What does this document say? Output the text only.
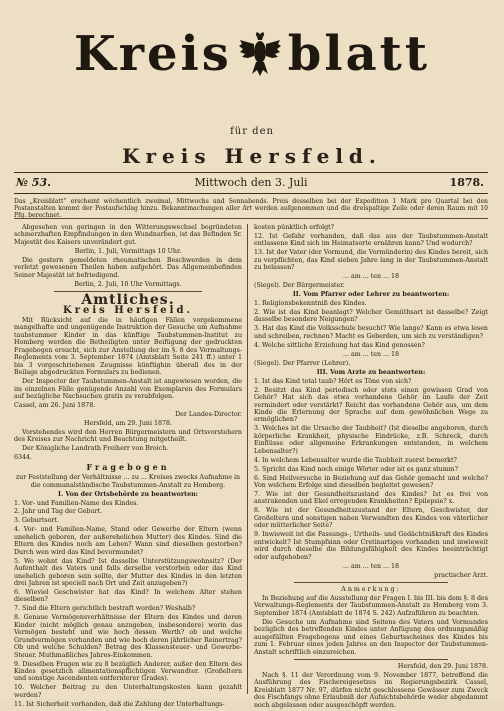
Kreis blatt
für den
Kreis Hersfeld.
№ 53.	Mittwoch den 3. Juli	1878.
Das „Kreisblatt“ erscheint wöchentlich zweimal, Mittwochs und Sonnabends. Preis desselben bei der Expedition 1 Mark pro Quartal bei den Postanstalten kommt der Postaufschlag hinzu. Bekanntmachungen aller Art werden aufgenommen und die dreispaltige Zeile oder deren Raum mit 10 Pfg. berechnet.

Abgesehen von geringen in den Witterungswechsel begründeten schmerzhaften Empfindungen in den Wundnarben, ist das Befinden Sr. Majestät des Kaisers unverändert gut.

Berlin, 1. Juli, Vormittags 10 Uhr.

Die gestern gemeldeten rheumatischen Beschwerden in dem verletzt gewesenen Theilen haben aufgehört. Das Allgemeinbefinden Seiner Majestät ist befriedigend.

Berlin, 2. Juli, 10 Uhr Vormittags.

Amtliches.
Kreis Hersfeld.

Mit Rücksicht auf die in häufigen Fällen vorgekommene mangelhafte und ungenügende Instruktion der Gesuche um Aufnahme taubstummer Kinder in das künftige Taubstummen-Institut zu Homberg werden die Betheiligten unter Beifügung der gedruckten Fragebogen ersucht, sich zur Anstellung der im §. 8 des Vermaltungs-Reglements vom 3. September 1874 (Amtsblatt Seite 241 ff.) unter 1 bis 3 vorgeschriebenen Zeugnisse künftighin überall des in der Beilage abgedruckten Formulars zu bedienen.

Der Inspector der Taubstummen-Anstalt ist angewiesen worden, die im einzelnen Fälle genügende Anzahl von Exemplaren des Formulars auf bezügliche Nachsuchen gratis zu verabfolgen.

Cassel, am 26. Juni 1878.

Der Landes-Director.

Hersfeld, am 29. Juni 1878.

Vorstehendes wird den Herren Bürgermeistern und Ortsvorstehern des Kreises zur Nachricht und Beachtung mitgetheilt.

Der Königliche Landrath Freiherr von Broich.

6344.

Fragebogen

zur Feststellung der Verhältnisse ... zu ... Kreises zwecks Aufnahme in die communalständische Taubstummen-Anstalt zu Homberg.

I. Von der Ortsbehörde zu beantworten:

1. Vor- und Familien-Name des Kindes.

2. Jahr und Tag der Geburt.

3. Geburtsort.

4. Vor- und Familien-Name, Stand oder Gewerbe der Eltern (wenn unehelich geboren, der außerehelichen Mutter) des Kindes. Sind die Eltern des Kindes noch am Leben? Wann sind dieselben gestorben? Durch wen wird das Kind bevormundet?

5. Wo wohnt das Kind? Ist dasselbe Unterstützungswohnsitz? (Der Aufenthalt des Vaters und falls derselbe verstorben oder das Kind unehelich geboren sein sollte, der Mutter des Kindes in den letzten drei Jahren ist speciell nach Ort und Zeit anzugeben?)

6. Wieviel Geschwister hat das Kind? In welchem Alter stehen dieselben?

7. Sind die Eltern gerichtlich bestraft worden? Weshalb?

8. Genaue Vermögensverhältnisse der Eltern des Kindes und deren Kinder (nicht möglich genau anzugeben, insbesondere) worin das Vermögen besteht und wie hoch dessen Werth? ob und welche Grundvermögen vorhanden und wie hoch deren jährlicher Reinertrag? Ob und welche Schulden? Betrag des Klassensteuer- und Gewerbe-Steuer. Muthmaßliches Jahres-Einkommen.

9. Dieselben Fragen wie zu 8 bezüglich Anderer, außer den Eltern des Kindes gesetzlich alimentationspflichtigen Verwandter. (Großeltern und sonstige Ascendenten entfernterer Grades).

10. Welcher Beitrag zu den Unterhaltungskosten kann gezahlt werden?

11. Ist Sicherheit vorhanden, daß die Zahlung der Unterhaltungs-

kosten pünktlich erfolgt?

12. Ist Gefahr vorhanden, daß das aus der Taubstummen-Anstalt entlassene Kind sich im Heimatsorte ernähren kann? Und wodurch?

13. Ist der Vater (der Vormund, die Vormünderin) des Kindes bereit, sich zu verpflichten, das Kind sieben Jahre lang in der Taubstummen-Anstalt zu belassen?

... am ... ten ... 18

(Siegel). Der Bürgermeister.

II. Vom Pfarrer oder Lehrer zu beantworten:

1. Religionsbekenntniß des Kindes.

2. Wie ist das Kind beanlagt? Welcher Gemüthsart ist dasselbe? Zeigt dasselbe besondere Neigungen?

3. Hat das Kind die Volksschule besucht? Wie lange? Kann es etwa lesen und schreiben, rechnen? Macht es Geberden, um sich zu verständigen?

4. Welche sittliche Erziehung hat das Kind genossen?

... am ... ten ... 18

(Siegel). Der Pfarrer (Lehrer).

III. Vom Arzte zu beantworten:

1. Ist das Kind total taub? Hört es Töne von sich?

2. Besitzt das Kind periodisch oder stets einen gewissen Grad von Gehör? Hat sich das etwa vorhandene Gehör im Laufe der Zeit vermindert oder verstärkt? Reicht das vorhandene Gehör aus, um dem Kinde die Erlernung der Sprache auf dem gewöhnlichen Wege zu ermöglichen?

3. Welches ist die Ursache der Taubheit? (Ist dieselbe angeboren, durch körperliche Krankheit, physische Eindrücke, z.B. Schreck, durch Einflüsse oder allgemeine Erkrankungen entstanden, in welchem Lebensalter?)

4. In welchem Lebensalter wurde die Taubheit zuerst bemerkt?

5. Spricht das Kind noch einige Wörter oder ist es ganz stumm?

6. Sind Heilversuche in Beziehung auf das Gehör gemacht und welche? Von welchem Erfolge sind dieselben begleitet gewesen?

7. Wie ist der Gesundheitszustand des Kindes? Ist es frei von anstrakenden und Ekel erregenden Krankheiten? Epilepsie? x.

8. Wie ist der Gesundheitszustand der Eltern, Geschwister, der Großeltern und sonstigen nahen Verwandten des Kindes von väterlicher oder mütterlicher Seite?

9. Inwieweit ist die Fassungs-, Urtheils- und Gedächtnißkraft des Kindes entwickelt? Ist Stumpfsinn oder Cretinartiges vorhanden und inwieweit wird durch dieselbe die Bildungsfähigkeit des Kindes beeinträchtigt oder aufgehoben?

... am ... ten ... 18

practischer Arzt.

Anmerkung:

In Beziehung auf die Ausstellung der Fragen I. bis III. bis dem §. 8 des Verwaltungs-Reglements der Taubstummen-Anstalt zu Homberg vom 3. September 1874 (Amtsblatt de 1874 S. 242) Aufzuführen zu beachten.

Die Gesuche um Aufnahme sind Seitens des Vaters und Vormundes bezüglich des betreffenden Kindes unter Anfügung des ordnungsmäßig ausgefüllten Fragebogens und eines Geburtsscheines des Kindes bis zum 1. Februar eines jeden Jahres an den Inspector der Taubstummen-Anstalt schriftlich einzureichen.

Hersfeld, den 29. Juni 1878.

Nach §. 11 der Verordnung vom 9. November 1877, betreffend die Ausführung des Fischereigesetzes im Regierungsbezirk Cassel, Kreisblatt 1877 Nr. 97, dürfen nicht geschlossene Gewässer zum Zweck des Fischfangs ohne Erlaubniß der Aufsichtsbehörde weder abgedammt noch abgelassen oder ausgeschöpft werden.
